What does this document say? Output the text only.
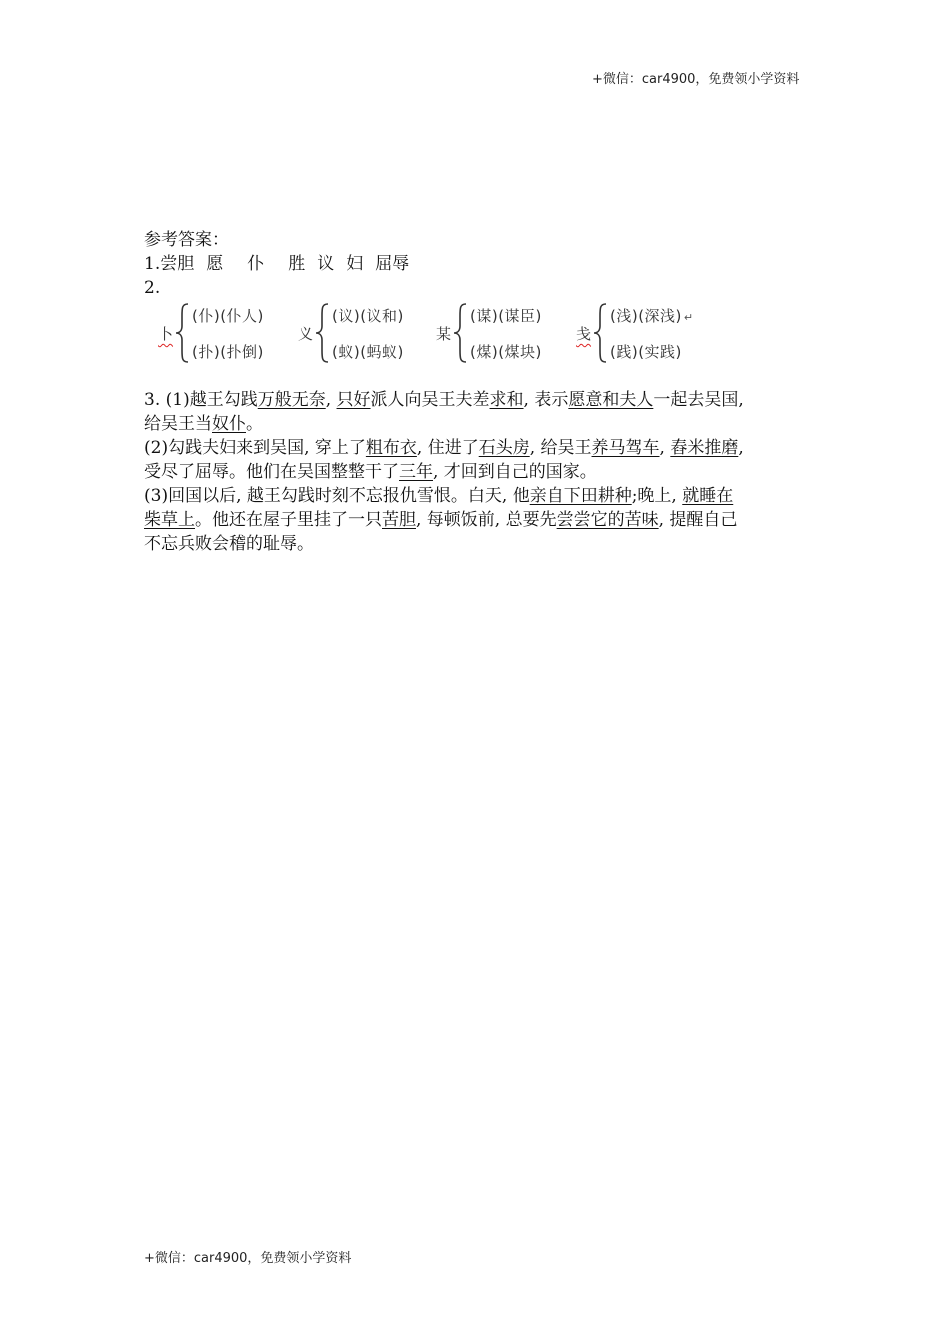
+微信：car4900，免费领小学资料
参考答案：
1.尝胆 愿 仆 胜 议 妇 屈辱
2.
卜
(仆)(仆人)
(扑)(扑倒)
义
(议)(议和)
(蚁)(蚂蚁)
某
(谋)(谋臣)
(煤)(煤块)
戋
(浅)(深浅) ↵
(践)(实践)
3. (1)越王勾践万般无奈, 只好派人向吴王夫差求和, 表示愿意和夫人一起去吴国,
给吴王当奴仆。
(2)勾践夫妇来到吴国, 穿上了粗布衣, 住进了石头房, 给吴王养马驾车, 舂米推磨,
受尽了屈辱。他们在吴国整整干了三年, 才回到自己的国家。
(3)回国以后, 越王勾践时刻不忘报仇雪恨。白天, 他亲自下田耕种;晚上, 就睡在
柴草上。他还在屋子里挂了一只苦胆, 每顿饭前, 总要先尝尝它的苦味, 提醒自己
不忘兵败会稽的耻辱。
+微信：car4900，免费领小学资料
